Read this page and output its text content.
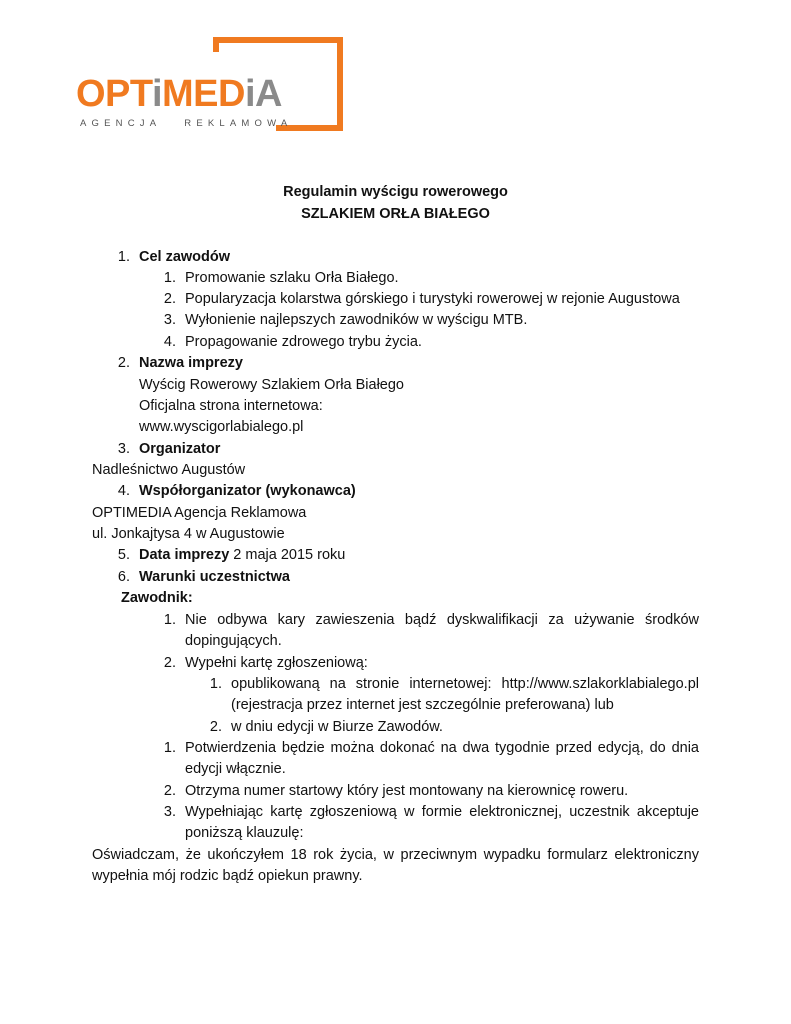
OPTiMEDiA
AGENCJA   REKLAMOWA
Regulamin wyścigu rowerowego
SZLAKIEM ORŁA BIAŁEGO
1. Cel zawodów
1. Promowanie szlaku Orła Białego.
2. Popularyzacja kolarstwa górskiego i turystyki rowerowej w rejonie Augustowa
3. Wyłonienie najlepszych zawodników w wyścigu MTB.
4. Propagowanie zdrowego trybu życia.
2. Nazwa imprezy
Wyścig Rowerowy Szlakiem Orła Białego
Oficjalna strona internetowa:
www.wyscigorlabialego.pl
3. Organizator
Nadleśnictwo Augustów
4. Współorganizator (wykonawca)
OPTIMEDIA Agencja Reklamowa
ul. Jonkajtysa 4 w Augustowie
5. Data imprezy 2 maja 2015 roku
6. Warunki uczestnictwa
Zawodnik:
1. Nie odbywa kary zawieszenia bądź dyskwalifikacji za używanie środków
dopingujących.
2. Wypełni kartę zgłoszeniową:
1. opublikowaną na stronie internetowej: http://www.szlakorklabialego.pl
(rejestracja przez internet jest szczególnie preferowana) lub
2. w dniu edycji w Biurze Zawodów.
1. Potwierdzenia będzie można dokonać na dwa tygodnie przed edycją, do dnia
edycji włącznie.
2. Otrzyma numer startowy który jest montowany na kierownicę roweru.
3. Wypełniając kartę zgłoszeniową w formie elektronicznej, uczestnik akceptuje
poniższą klauzulę:
Oświadczam, że ukończyłem 18 rok życia, w przeciwnym wypadku formularz elektroniczny
wypełnia mój rodzic bądź opiekun prawny.
